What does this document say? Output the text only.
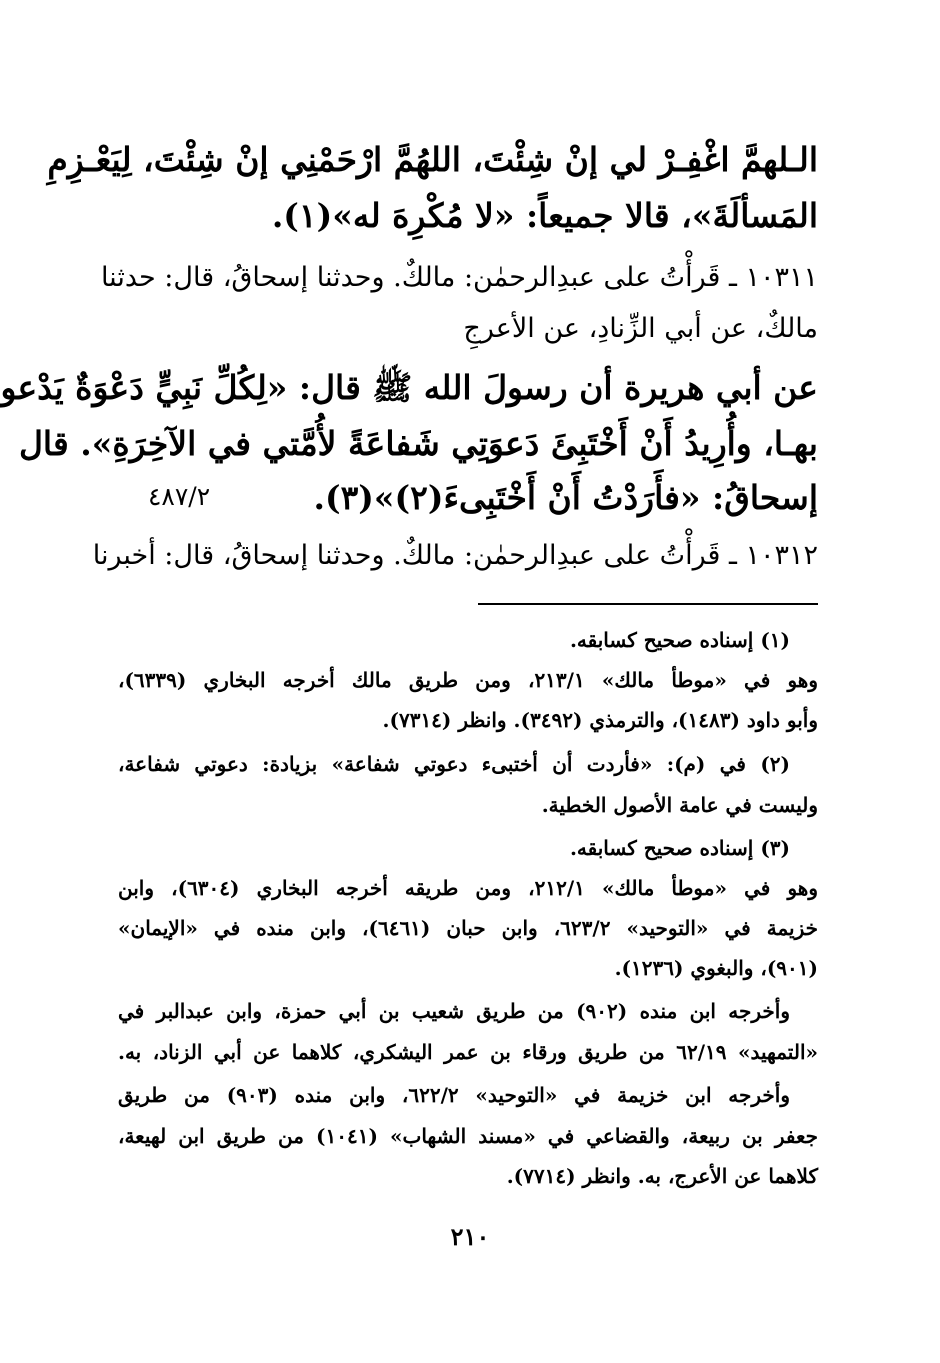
الـلهمَّ اغْفِـرْ لي إنْ شِئْتَ، اللهُمَّ ارْحَمْنِي إنْ شِئْتَ، لِيَعْـزِمِ
المَسألَةَ»، قالا جميعاً: «لا مُكْرِهَ له»(١).
١٠٣١١ ـ قَرأْتُ على عبدِالرحمٰن: مالكٌ. وحدثنا إسحاقُ، قال: حدثنا
مالكٌ، عن أبي الزِّنادِ، عن الأعرجِ
عن أبي هريرة أن رسولَ الله ﷺ قال: «لِكُلِّ نَبِيٍّ دَعْوَةٌ يَدْعو
بهـا، وأُرِيدُ أَنْ أَخْتَبِئَ دَعوَتِي شَفاعَةً لأُمَّتي في الآخِرَةِ». قال
إسحاقُ: «فأَرَدْتُ أَنْ أَخْتَبِىءَ(٢)»(٣).
١٠٣١٢ ـ قَرأْتُ على عبدِالرحمٰن: مالكٌ. وحدثنا إسحاقُ، قال: أخبرنا
٤٨٧/٢
(١) إسناده صحيح كسابقه.
وهو في «موطأ مالك» ٢١٣/١، ومن طريق مالك أخرجه البخاري (٦٣٣٩)،
وأبو داود (١٤٨٣)، والترمذي (٣٤٩٢). وانظر (٧٣١٤).
(٢) في (م): «فأردت أن أختبىء دعوتي شفاعة» بزيادة: دعوتي شفاعة،
وليست في عامة الأصول الخطية.
(٣) إسناده صحيح كسابقه.
وهو في «موطأ مالك» ٢١٢/١، ومن طريقه أخرجه البخاري (٦٣٠٤)، وابن
خزيمة في «التوحيد» ٦٢٣/٢، وابن حبان (٦٤٦١)، وابن منده في «الإيمان»
(٩٠١)، والبغوي (١٢٣٦).
وأخرجه ابن منده (٩٠٢) من طريق شعيب بن أبي حمزة، وابن عبدالبر في
«التمهيد» ٦٢/١٩ من طريق ورقاء بن عمر اليشكري، كلاهما عن أبي الزناد، به.
وأخرجه ابن خزيمة في «التوحيد» ٦٢٢/٢، وابن منده (٩٠٣) من طريق
جعفر بن ربيعة، والقضاعي في «مسند الشهاب» (١٠٤١) من طريق ابن لهيعة،
كلاهما عن الأعرج، به. وانظر (٧٧١٤).
٢١٠
